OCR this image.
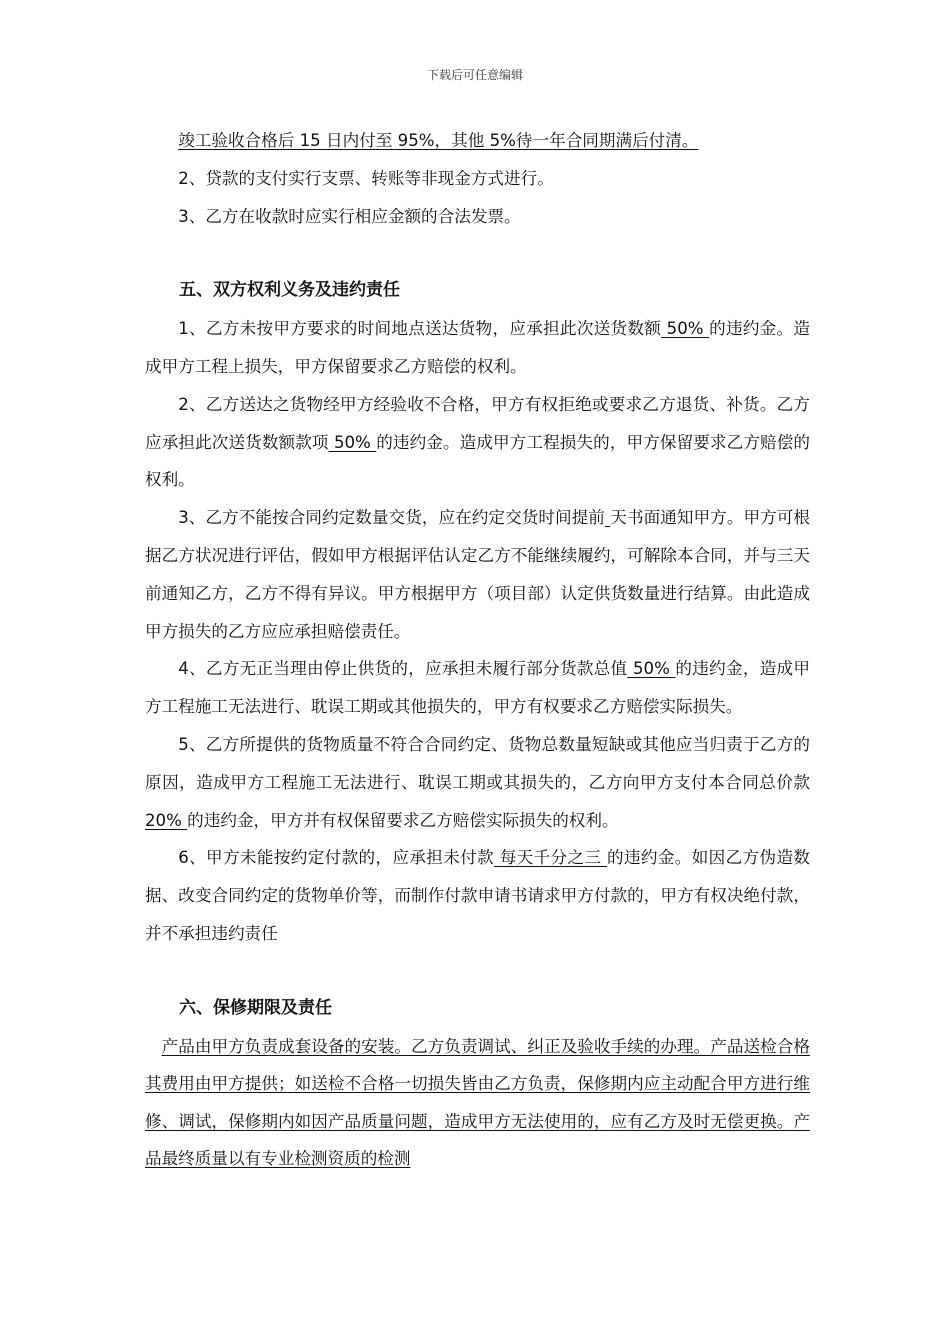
下载后可任意编辑

竣工验收合格后 15 日内付至 95%，其他 5%待一年合同期满后付清。

2、贷款的支付实行支票、转账等非现金方式进行。

3、乙方在收款时应实行相应金额的合法发票。

五、双方权利义务及违约责任

1、乙方未按甲方要求的时间地点送达货物，应承担此次送货数额 50% 的违约金。造成甲方工程上损失，甲方保留要求乙方赔偿的权利。

2、乙方送达之货物经甲方经验收不合格，甲方有权拒绝或要求乙方退货、补货。乙方应承担此次送货数额款项 50% 的违约金。造成甲方工程损失的，甲方保留要求乙方赔偿的权利。

3、乙方不能按合同约定数量交货，应在约定交货时间提前 天书面通知甲方。甲方可根据乙方状况进行评估，假如甲方根据评估认定乙方不能继续履约，可解除本合同，并与三天前通知乙方，乙方不得有异议。甲方根据甲方（项目部）认定供货数量进行结算。由此造成甲方损失的乙方应应承担赔偿责任。

4、乙方无正当理由停止供货的，应承担未履行部分货款总值 50% 的违约金，造成甲方工程施工无法进行、耽误工期或其他损失的，甲方有权要求乙方赔偿实际损失。

5、乙方所提供的货物质量不符合合同约定、货物总数量短缺或其他应当归责于乙方的原因，造成甲方工程施工无法进行、耽误工期或其损失的，乙方向甲方支付本合同总价款 20% 的违约金，甲方并有权保留要求乙方赔偿实际损失的权利。

6、甲方未能按约定付款的，应承担未付款 每天千分之三 的违约金。如因乙方伪造数据、改变合同约定的货物单价等，而制作付款申请书请求甲方付款的，甲方有权决绝付款，并不承担违约责任

六、保修期限及责任

产品由甲方负责成套设备的安装。乙方负责调试、纠正及验收手续的办理。产品送检合格其费用由甲方提供；如送检不合格一切损失皆由乙方负责，保修期内应主动配合甲方进行维修、调试，保修期内如因产品质量问题，造成甲方无法使用的，应有乙方及时无偿更换。产品最终质量以有专业检测资质的检测
